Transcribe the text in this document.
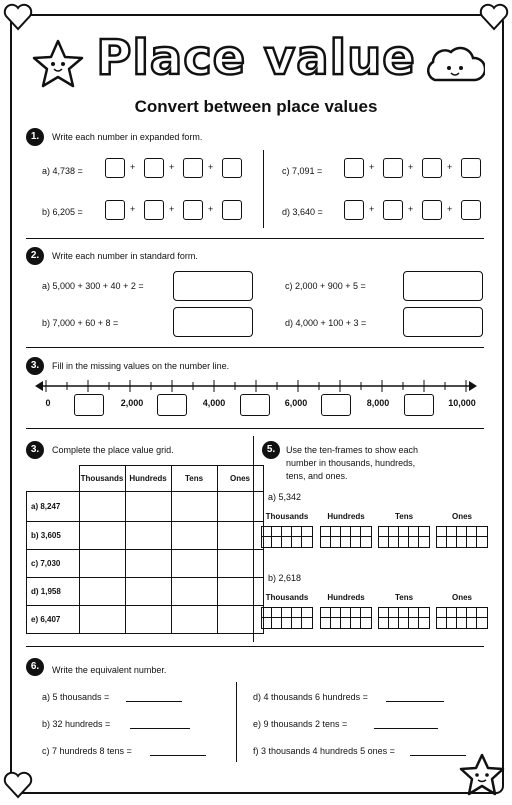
Place value
Convert between place values
1.	Write each number in expanded form.
a) 4,738 =
b) 6,205 =
c) 7,091 =
d) 3,640 =
+	+	+
+	+	+
+	+	+
+	+	+
2.	Write each number in standard form.
a) 5,000 + 300 + 40 + 2 =
b) 7,000 + 60 + 8 =
c) 2,000 + 900 + 5 =
d) 4,000 + 100 + 3 =
3.	Fill in the missing values on the number line.
0	2,000	4,000	6,000	8,000	10,000
3.	Complete the place value grid.
	Thousands	Hundreds	Tens	Ones
a) 8,247				
b) 3,605				
c) 7,030				
d) 1,958				
e) 6,407				
5.	Use the ten-frames to show each number in thousands, hundreds, tens, and ones.
a) 5,342
b) 2,618
Thousands	Hundreds	Tens	Ones
Thousands	Hundreds	Tens	Ones
6.	Write the equivalent number.
a) 5 thousands =
b) 32 hundreds =
c) 7 hundreds 8 tens =
d) 4 thousands 6 hundreds =
e) 9 thousands 2 tens =
f) 3 thousands 4 hundreds 5 ones =
